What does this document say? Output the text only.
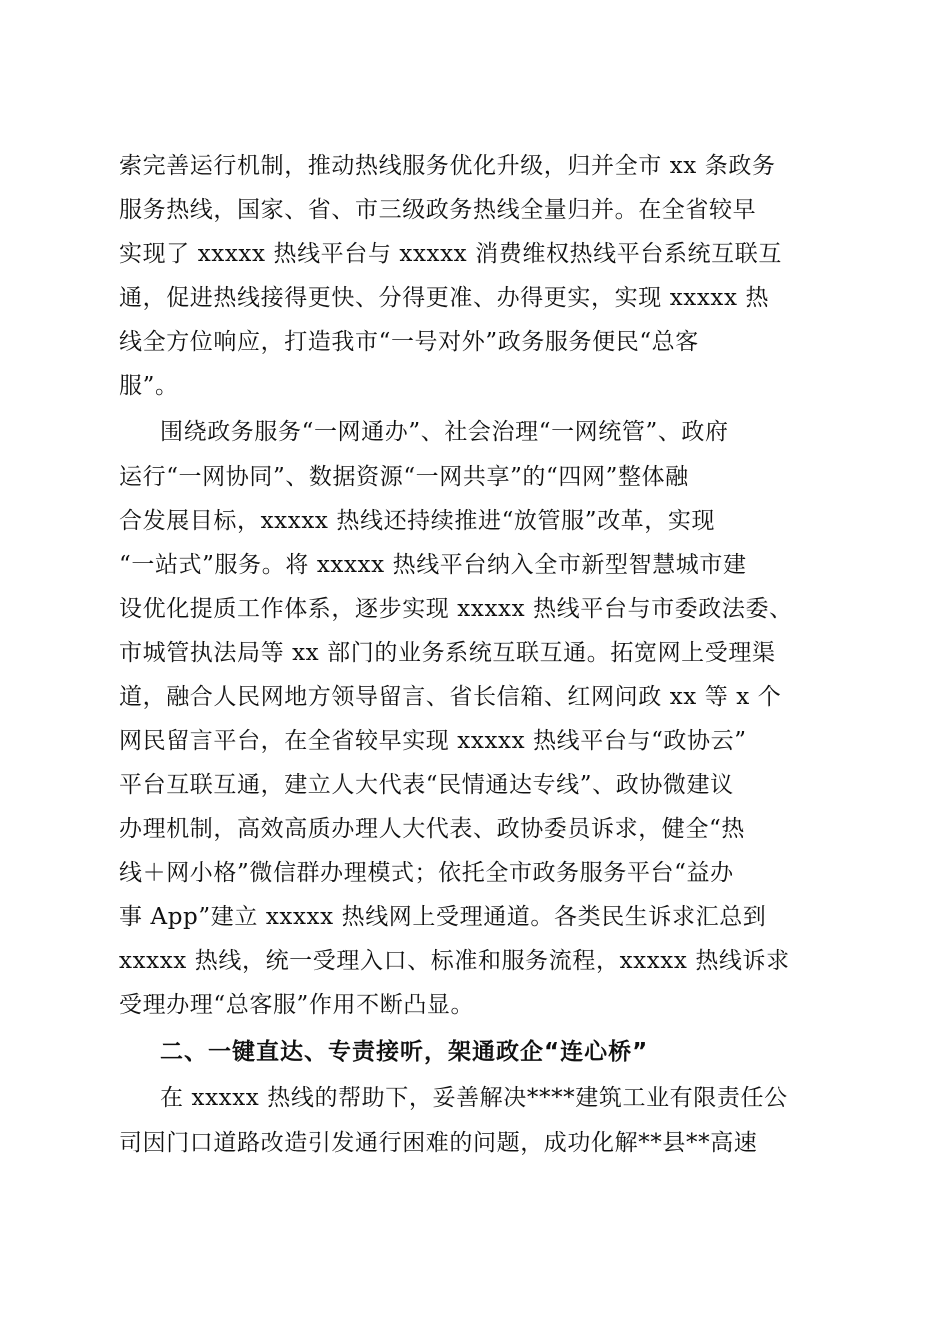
索完善运行机制，推动热线服务优化升级，归并全市 xx 条政务
服务热线，国家、省、市三级政务热线全量归并。在全省较早
实现了 xxxxx 热线平台与 xxxxx 消费维权热线平台系统互联互
通，促进热线接得更快、分得更准、办得更实，实现 xxxxx 热
线全方位响应，打造我市“一号对外”政务服务便民“总客
服”。
围绕政务服务“一网通办”、社会治理“一网统管”、政府
运行“一网协同”、数据资源“一网共享”的“四网”整体融
合发展目标，xxxxx 热线还持续推进“放管服”改革，实现
“一站式”服务。将 xxxxx 热线平台纳入全市新型智慧城市建
设优化提质工作体系，逐步实现 xxxxx 热线平台与市委政法委、
市城管执法局等 xx 部门的业务系统互联互通。拓宽网上受理渠
道，融合人民网地方领导留言、省长信箱、红网问政 xx 等 x 个
网民留言平台，在全省较早实现 xxxxx 热线平台与“政协云”
平台互联互通，建立人大代表“民情通达专线”、政协微建议
办理机制，高效高质办理人大代表、政协委员诉求，健全“热
线＋网小格”微信群办理模式；依托全市政务服务平台“益办
事 App”建立 xxxxx 热线网上受理通道。各类民生诉求汇总到
xxxxx 热线，统一受理入口、标准和服务流程，xxxxx 热线诉求
受理办理“总客服”作用不断凸显。
二、一键直达、专责接听，架通政企“连心桥”
在 xxxxx 热线的帮助下，妥善解决****建筑工业有限责任公
司因门口道路改造引发通行困难的问题，成功化解**县**高速
